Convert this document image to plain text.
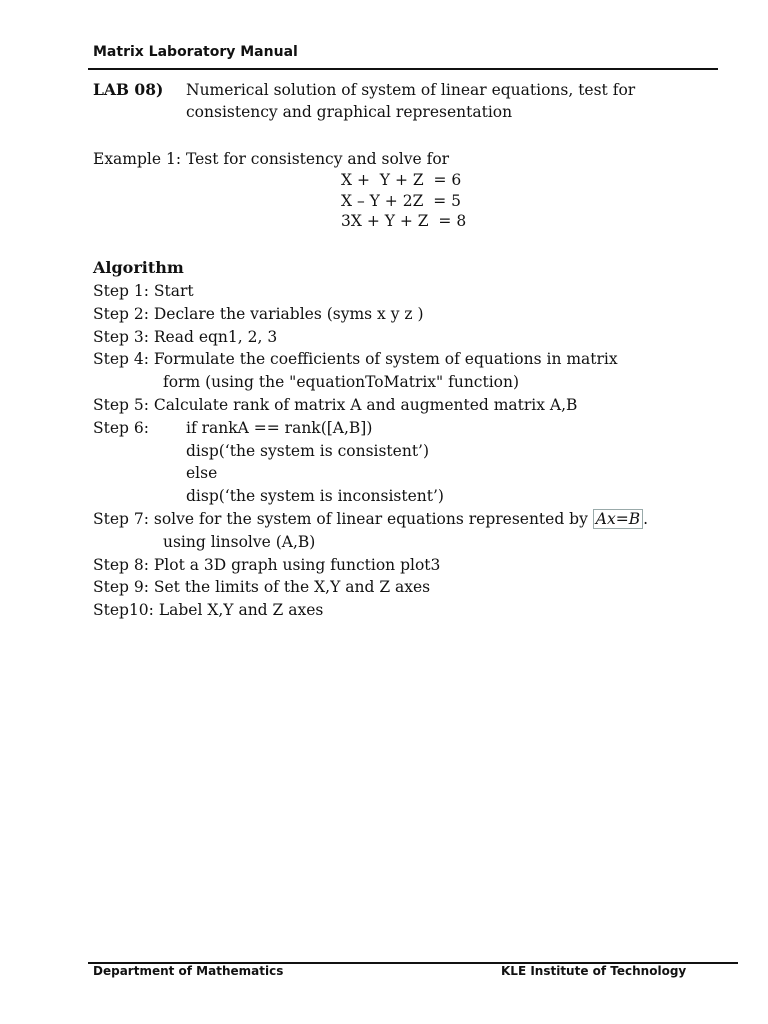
Matrix Laboratory Manual
LAB 08) Numerical solution of system of linear equations, test for
consistency and graphical representation
Example 1: Test for consistency and solve for
X +  Y + Z  = 6
X – Y + 2Z  = 5
3X + Y + Z  = 8
Algorithm
Step 1: Start
Step 2: Declare the variables (syms x y z )
Step 3: Read eqn1, 2, 3
Step 4: Formulate the coefficients of system of equations in matrix
form (using the "equationToMatrix" function)
Step 5: Calculate rank of matrix A and augmented matrix A,B
Step 6: if rankA == rank([A,B])
disp(‘the system is consistent’)
else
disp(‘the system is inconsistent’)
Step 7: solve for the system of linear equations represented by Ax=B .
using linsolve (A,B)
Step 8: Plot a 3D graph using function plot3
Step 9: Set the limits of the X,Y and Z axes
Step10: Label X,Y and Z axes
Department of Mathematics	KLE Institute of Technology
